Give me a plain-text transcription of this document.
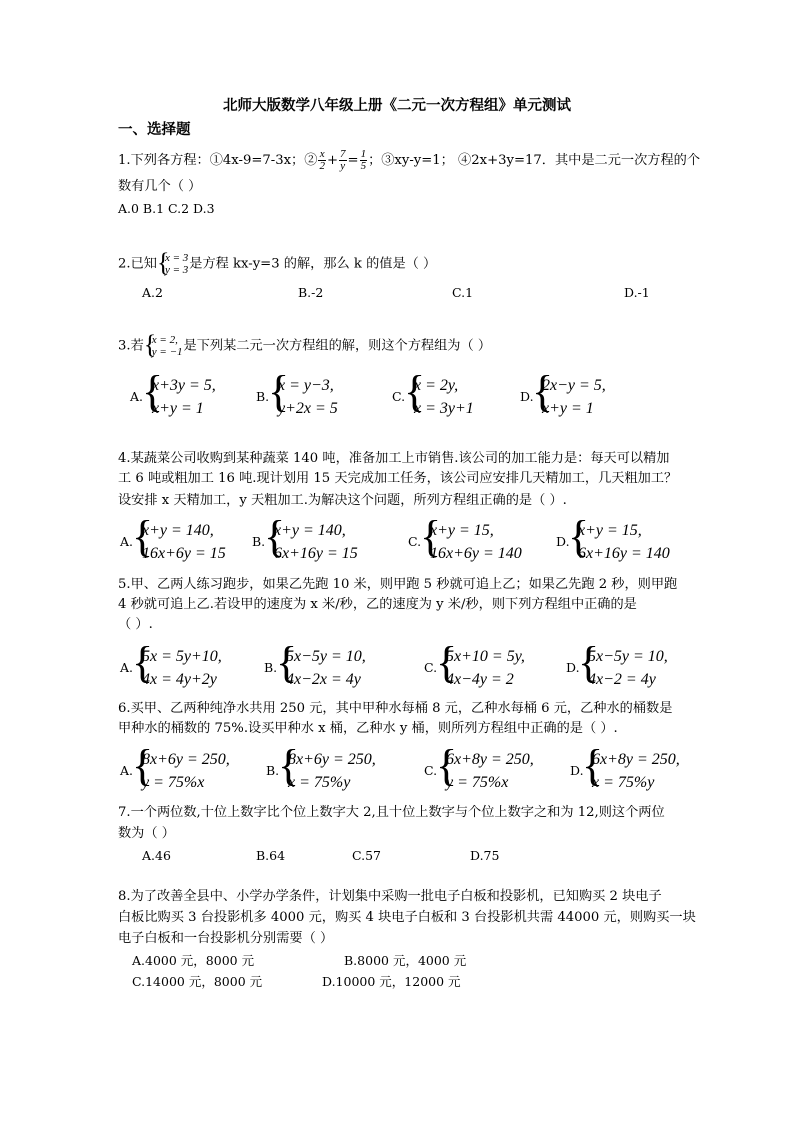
北师大版数学八年级上册《二元一次方程组》单元测试
一、选择题
1.下列各方程：①4x-9=7-3x；② $\frac{x}{2} + \frac{7}{y} = \frac{1}{5}$ ；③xy-y=1； ④2x+3y=17．其中是二元一次方程的个
数有几个（ ）
A.0 B.1 C.2 D.3
2.已知 {
x = 3
y = 3 是方程 kx-y=3 的解，那么 k 的值是（ ）
A.2	B.-2	C.1	D.-1
3.若 {
x = 2,
y = −1 是下列某二元一次方程组的解，则这个方程组为（ ）
A.
{
x+3y = 5,
x+y = 1
B.
{
x = y−3,
y+2x = 5
C.
{
x = 2y,
x = 3y+1
D.
{
2x−y = 5,
x+y = 1
4.某蔬菜公司收购到某种蔬菜 140 吨，准备加工上市销售.该公司的加工能力是：每天可以精加
工 6 吨或粗加工 16 吨.现计划用 15 天完成加工任务，该公司应安排几天精加工，几天粗加工？
设安排 x 天精加工，y 天粗加工.为解决这个问题，所列方程组正确的是（ ）.
A.
{
x+y = 140,
16x+6y = 15
B.
{
x+y = 140,
6x+16y = 15
C.
{
x+y = 15,
16x+6y = 140
D.
{
x+y = 15,
6x+16y = 140
5.甲、乙两人练习跑步，如果乙先跑 10 米，则甲跑 5 秒就可追上乙；如果乙先跑 2 秒，则甲跑
4 秒就可追上乙.若设甲的速度为 x 米/秒，乙的速度为 y 米/秒，则下列方程组中正确的是
（ ）.
A.
{
5x = 5y+10,
4x = 4y+2y
B.
{
5x−5y = 10,
4x−2x = 4y
C.
{
5x+10 = 5y,
4x−4y = 2
D.
{
5x−5y = 10,
4x−2 = 4y
6.买甲、乙两种纯净水共用 250 元，其中甲种水每桶 8 元，乙种水每桶 6 元，乙种水的桶数是
甲种水的桶数的 75%.设买甲种水 x 桶，乙种水 y 桶，则所列方程组中正确的是（ ）.
A.
{
8x+6y = 250,
y = 75%x
B.
{
8x+6y = 250,
x = 75%y
C.
{
6x+8y = 250,
y = 75%x
D.
{
6x+8y = 250,
x = 75%y
7.一个两位数,十位上数字比个位上数字大 2,且十位上数字与个位上数字之和为 12,则这个两位
数为（ ）
A.46	B.64	C.57	D.75
8.为了改善全县中、小学办学条件，计划集中采购一批电子白板和投影机，已知购买 2 块电子
白板比购买 3 台投影机多 4000 元，购买 4 块电子白板和 3 台投影机共需 44000 元，则购买一块
电子白板和一台投影机分别需要（ ）
A.4000 元，8000 元	B.8000 元，4000 元
C.14000 元，8000 元	D.10000 元，12000 元
